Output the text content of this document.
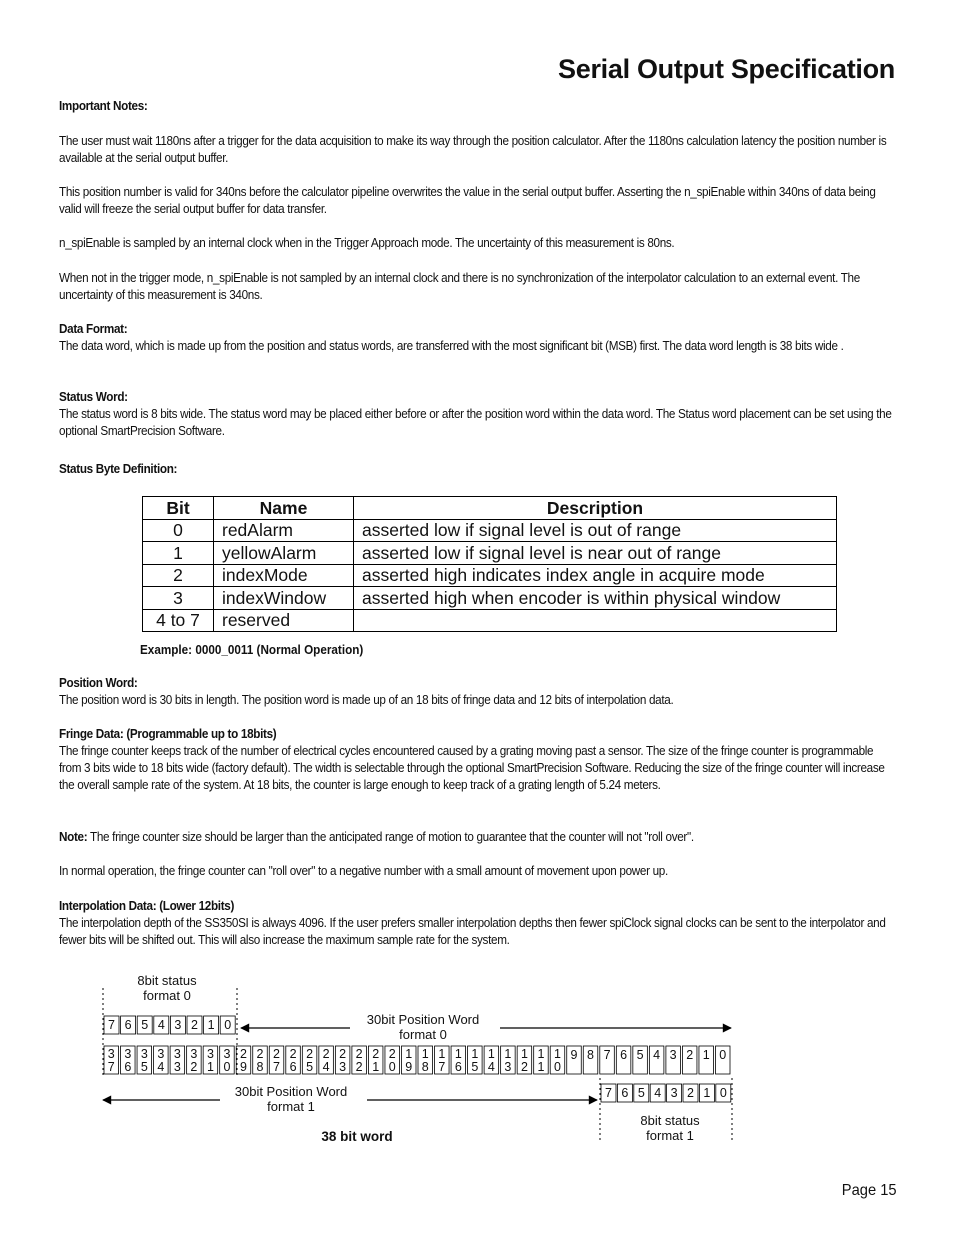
Serial Output Specification
Important Notes:

The user must wait 1180ns after a trigger for the data acquisition to make its way through the position calculator. After the 1180ns calculation latency the position number is available at the serial output buffer.

This position number is valid for 340ns before the calculator pipeline overwrites the value in the serial output buffer. Asserting the n_spiEnable within 340ns of data being valid will freeze the serial output buffer for data transfer.

n_spiEnable is sampled by an internal clock when in the Trigger Approach mode. The uncertainty of this measurement is 80ns.

When not in the trigger mode, n_spiEnable is not sampled by an internal clock and there is no synchronization of the interpolator calculation to an external event. The uncertainty of this measurement is 340ns.

Data Format:
The data word, which is made up from the position and status words, are transferred with the most significant bit (MSB) first. The data word length is 38 bits wide .
Status Word:
The status word is 8 bits wide. The status word may be placed either before or after the position word within the data word. The Status word placement can be set using the optional SmartPrecision Software.
Status Byte Definition:
Bit	Name	Description
0	redAlarm	asserted low if signal level is out of range
1	yellowAlarm	asserted low if signal level is near out of range
2	indexMode	asserted high indicates index angle in acquire mode
3	indexWindow	asserted high when encoder is within physical window
4 to 7	reserved	

Example: 0000_0011 (Normal Operation)

Position Word:
The position word is 30 bits in length. The position word is made up of an 18 bits of fringe data and 12 bits of interpolation data.
Fringe Data: (Programmable up to 18bits)
The fringe counter keeps track of the number of electrical cycles encountered caused by a grating moving past a sensor. The size of the fringe counter is programmable from 3 bits wide to 18 bits wide (factory default). The width is selectable through the optional SmartPrecision Software. Reducing the size of the fringe counter will increase the overall sample rate of the system. At 18 bits, the counter is large enough to keep track of a grating length of 5.24 meters.

Note: The fringe counter size should be larger than the anticipated range of motion to guarantee that the counter will not "roll over".

In normal operation, the fringe counter can "roll over" to a negative number with a small amount of movement upon power up.

Interpolation Data: (Lower 12bits)
The interpolation depth of the SS350SI is always 4096. If the user prefers smaller interpolation depths then fewer spiClock signal clocks can be sent to the interpolator and fewer bits will be shifted out. This will also increase the maximum sample rate for the system.
8bit status
format 0
7 6 5 4 3 2 1 0	30bit Position Word
format 0
3
7
3
6
3
5
3
4
3
3
3
2
3
1
3
0
2
9
2
8
2
7
2
6
2
5
2
4
2
3
2
2
2
1
2
0
1
9
1
8
1
7
1
6
1
5
1
4
1
3
1
2
1
1
1
0
9 8 7 6 5 4 3 2 1 0
30bit Position Word
format 1
7 6 5 4 3 2 1 0
8bit status
format 1
38 bit word
Page 15
